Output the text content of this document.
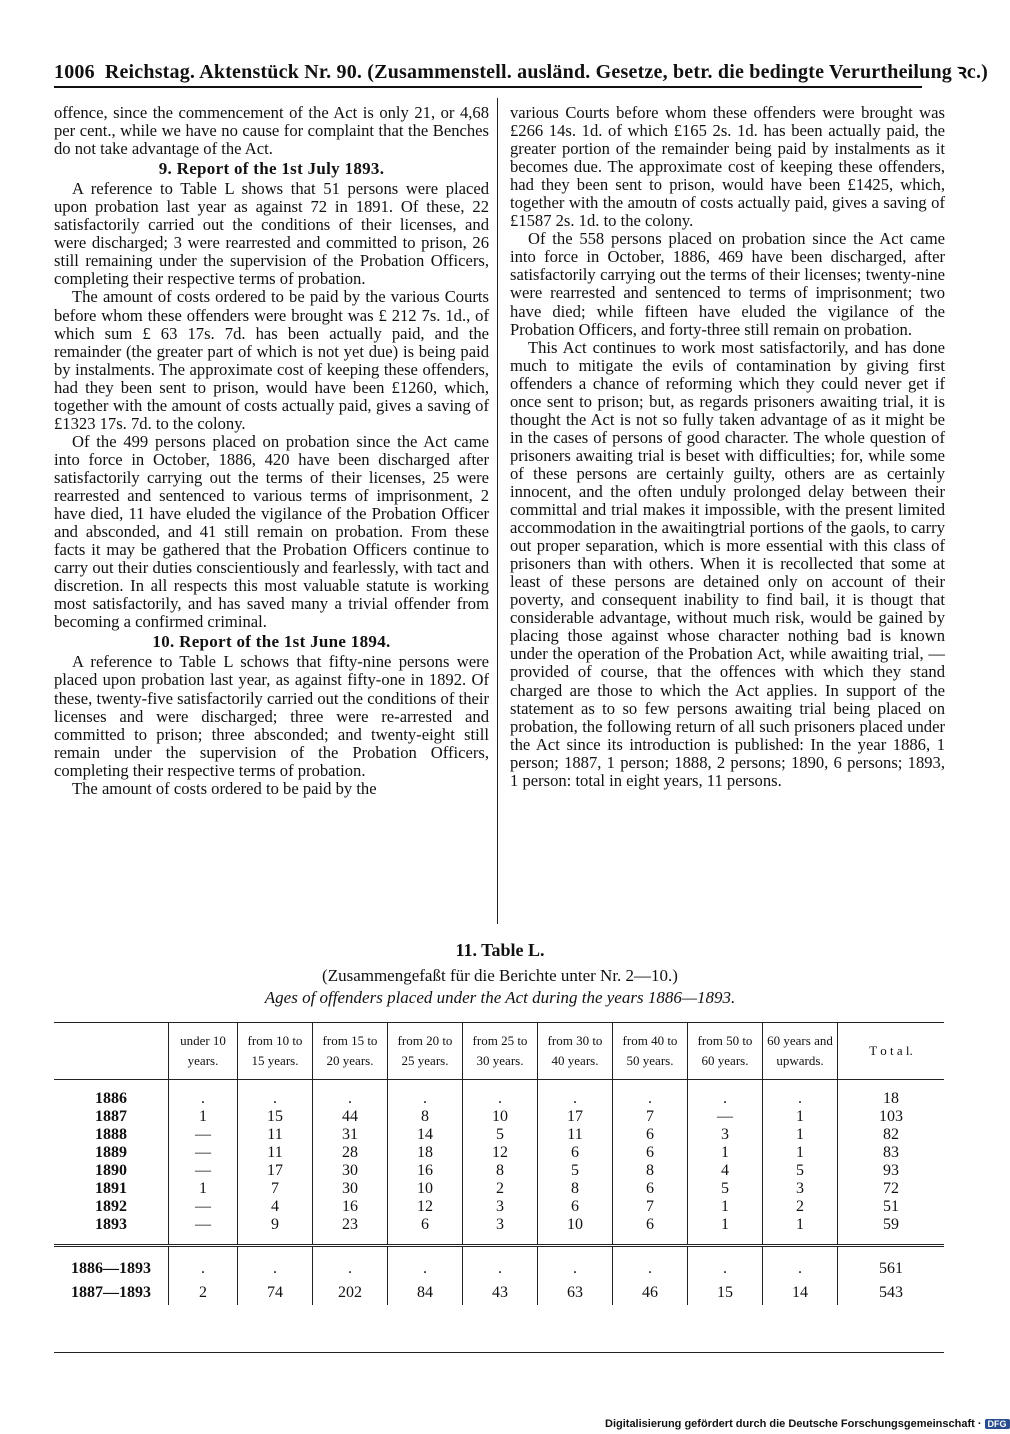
1006 Reichstag. Aktenstück Nr. 90. (Zusammenstell. ausländ. Gesetze, betr. die bedingte Verurtheilung ꝛc.)

offence, since the commencement of the Act is only 21, or 4,68 per cent., while we have no cause for complaint that the Benches do not take advantage of the Act.

9. Report of the 1st July 1893.

A reference to Table L shows that 51 persons were placed upon probation last year as against 72 in 1891. Of these, 22 satisfactorily carried out the conditions of their licenses, and were discharged; 3 were rearrested and committed to prison, 26 still remaining under the supervision of the Probation Officers, completing their respective terms of probation.

The amount of costs ordered to be paid by the various Courts before whom these offenders were brought was £ 212 7s. 1d., of which sum £ 63 17s. 7d. has been actually paid, and the remainder (the greater part of which is not yet due) is being paid by instalments. The approximate cost of keeping these offenders, had they been sent to prison, would have been £1260, which, together with the amount of costs actually paid, gives a saving of £1323 17s. 7d. to the colony.

Of the 499 persons placed on probation since the Act came into force in October, 1886, 420 have been discharged after satisfactorily carrying out the terms of their licenses, 25 were rearrested and sentenced to various terms of imprisonment, 2 have died, 11 have eluded the vigilance of the Probation Officer and absconded, and 41 still remain on probation. From these facts it may be gathered that the Probation Officers continue to carry out their duties conscientiously and fearlessly, with tact and discretion. In all respects this most valuable statute is working most satisfactorily, and has saved many a trivial offender from becoming a confirmed criminal.

10. Report of the 1st June 1894.

A reference to Table L schows that fifty-nine persons were placed upon probation last year, as against fifty-one in 1892. Of these, twenty-five satisfactorily carried out the conditions of their licenses and were discharged; three were re-arrested and committed to prison; three absconded; and twenty-eight still remain under the supervision of the Probation Officers, completing their respective terms of probation.

The amount of costs ordered to be paid by the

various Courts before whom these offenders were brought was £266 14s. 1d. of which £165 2s. 1d. has been actually paid, the greater portion of the remainder being paid by instalments as it becomes due. The approximate cost of keeping these offenders, had they been sent to prison, would have been £1425, which, together with the amoutn of costs actually paid, gives a saving of £1587 2s. 1d. to the colony.

Of the 558 persons placed on probation since the Act came into force in October, 1886, 469 have been discharged, after satisfactorily carrying out the terms of their licenses; twenty-nine were rearrested and sentenced to terms of imprisonment; two have died; while fifteen have eluded the vigilance of the Probation Officers, and forty-three still remain on probation.

This Act continues to work most satisfactorily, and has done much to mitigate the evils of contamination by giving first offenders a chance of reforming which they could never get if once sent to prison; but, as regards prisoners awaiting trial, it is thought the Act is not so fully taken advantage of as it might be in the cases of persons of good character. The whole question of prisoners awaiting trial is beset with difficulties; for, while some of these persons are certainly guilty, others are as certainly innocent, and the often unduly prolonged delay between their committal and trial makes it impossible, with the present limited accommodation in the awaitingtrial portions of the gaols, to carry out proper separation, which is more essential with this class of prisoners than with others. When it is recollected that some at least of these persons are detained only on account of their poverty, and consequent inability to find bail, it is thougt that considerable advantage, without much risk, would be gained by placing those against whose character nothing bad is known under the operation of the Probation Act, while awaiting trial, — provided of course, that the offences with which they stand charged are those to which the Act applies. In support of the statement as to so few persons awaiting trial being placed on probation, the following return of all such prisoners placed under the Act since its introduction is published: In the year 1886, 1 person; 1887, 1 person; 1888, 2 persons; 1890, 6 persons; 1893, 1 person: total in eight years, 11 persons.

11. Table L.
(Zusammengefaßt für die Berichte unter Nr. 2—10.)
Ages of offenders placed under the Act during the years 1886—1893.
	under 10 years.	from 10 to 15 years.	from 15 to 20 years.	from 20 to 25 years.	from 25 to 30 years.	from 30 to 40 years.	from 40 to 50 years.	from 50 to 60 years.	60 years and upwards.	T o t a l.

1886	.	.	.	.	.	.	.	.	.	18
1887	1	15	44	8	10	17	7	—	1	103
1888	—	11	31	14	5	11	6	3	1	82
1889	—	11	28	18	12	6	6	1	1	83
1890	—	17	30	16	8	5	8	4	5	93
1891	1	7	30	10	2	8	6	5	3	72
1892	—	4	16	12	3	6	7	1	2	51
1893	—	9	23	6	3	10	6	1	1	59

1886—1893	.	.	.	.	.	.	.	.	.	561
1887—1893	2	74	202	84	43	63	46	15	14	543
Digitalisierung gefördert durch die Deutsche Forschungsgemeinschaft · DFG
